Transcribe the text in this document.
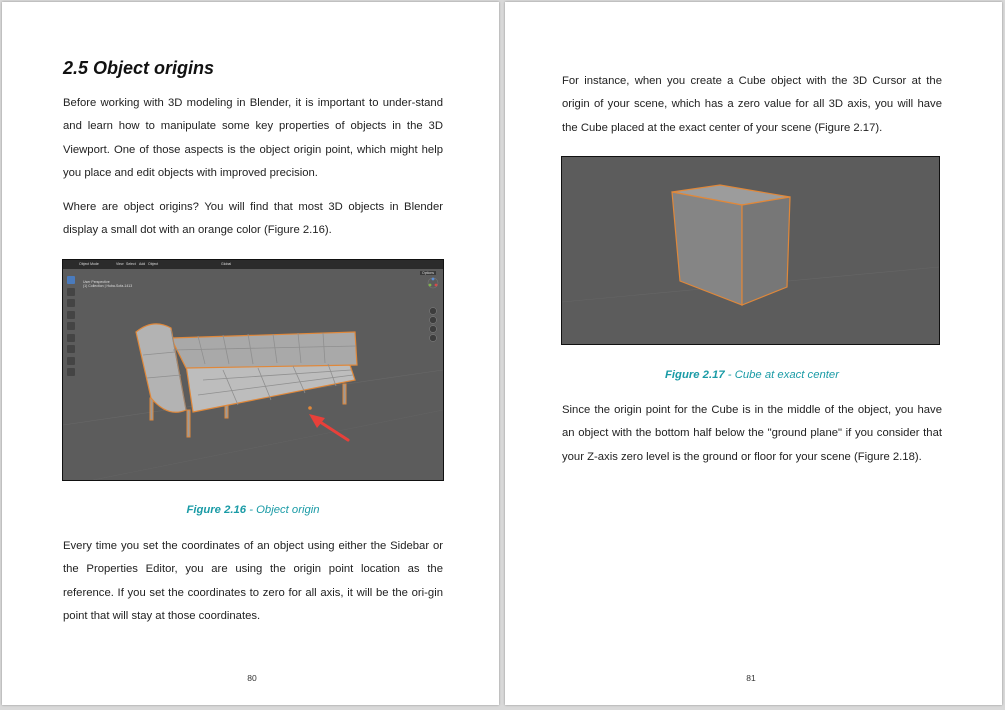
2.5 Object origins

Before working with 3D modeling in Blender, it is important to under-stand and learn how to manipulate some key properties of objects in the 3D Viewport. One of those aspects is the object origin point, which might help you place and edit objects with improved precision.

Where are object origins? You will find that most 3D objects in Blender display a small dot with an orange color (Figure 2.16).

Object Mode	View Select Add Object	Global
Options
User Perspective
(1) Collection | Huba-Sofa-1413

Figure 2.16 - Object origin

Every time you set the coordinates of an object using either the Sidebar or the Properties Editor, you are using the origin point location as the reference. If you set the coordinates to zero for all axis, it will be the ori-gin point that will stay at those coordinates.

80

For instance, when you create a Cube object with the 3D Cursor at the origin of your scene, which has a zero value for all 3D axis, you will have the Cube placed at the exact center of your scene (Figure 2.17).

Figure 2.17 - Cube at exact center

Since the origin point for the Cube is in the middle of the object, you have an object with the bottom half below the "ground plane" if you consider that your Z-axis zero level is the ground or floor for your scene (Figure 2.18).

81
